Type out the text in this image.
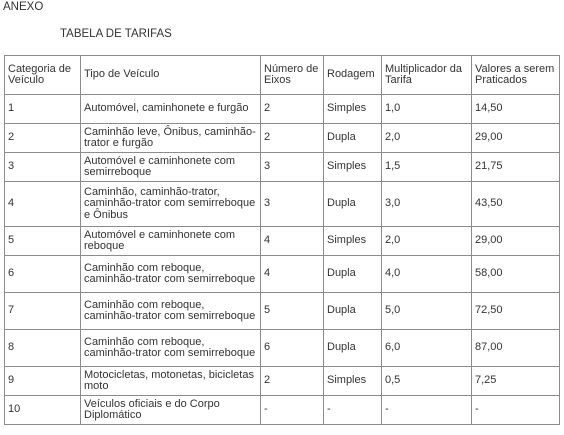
ANEXO
TABELA DE TARIFAS
Categoria de Veículo	Tipo de Veículo	Número de Eixos	Rodagem	Multiplicador da Tarifa	Valores a serem Praticados
1	Automóvel, caminhonete e furgão	2	Simples	1,0	14,50
2	Caminhão leve, Ônibus, caminhão-trator e furgão	2	Dupla	2,0	29,00
3	Automóvel e caminhonete com semirreboque	3	Simples	1,5	21,75
4	Caminhão, caminhão-trator, caminhão-trator com semirreboque e Ônibus	3	Dupla	3,0	43,50
5	Automóvel e caminhonete com reboque	4	Simples	2,0	29,00
6	Caminhão com reboque, caminhão-trator com semirreboque	4	Dupla	4,0	58,00
7	Caminhão com reboque, caminhão-trator com semirreboque	5	Dupla	5,0	72,50
8	Caminhão com reboque, caminhão-trator com semirreboque	6	Dupla	6,0	87,00
9	Motocicletas, motonetas, bicicletas moto	2	Simples	0,5	7,25
10	Veículos oficiais e do Corpo Diplomático	-	-	-	-
